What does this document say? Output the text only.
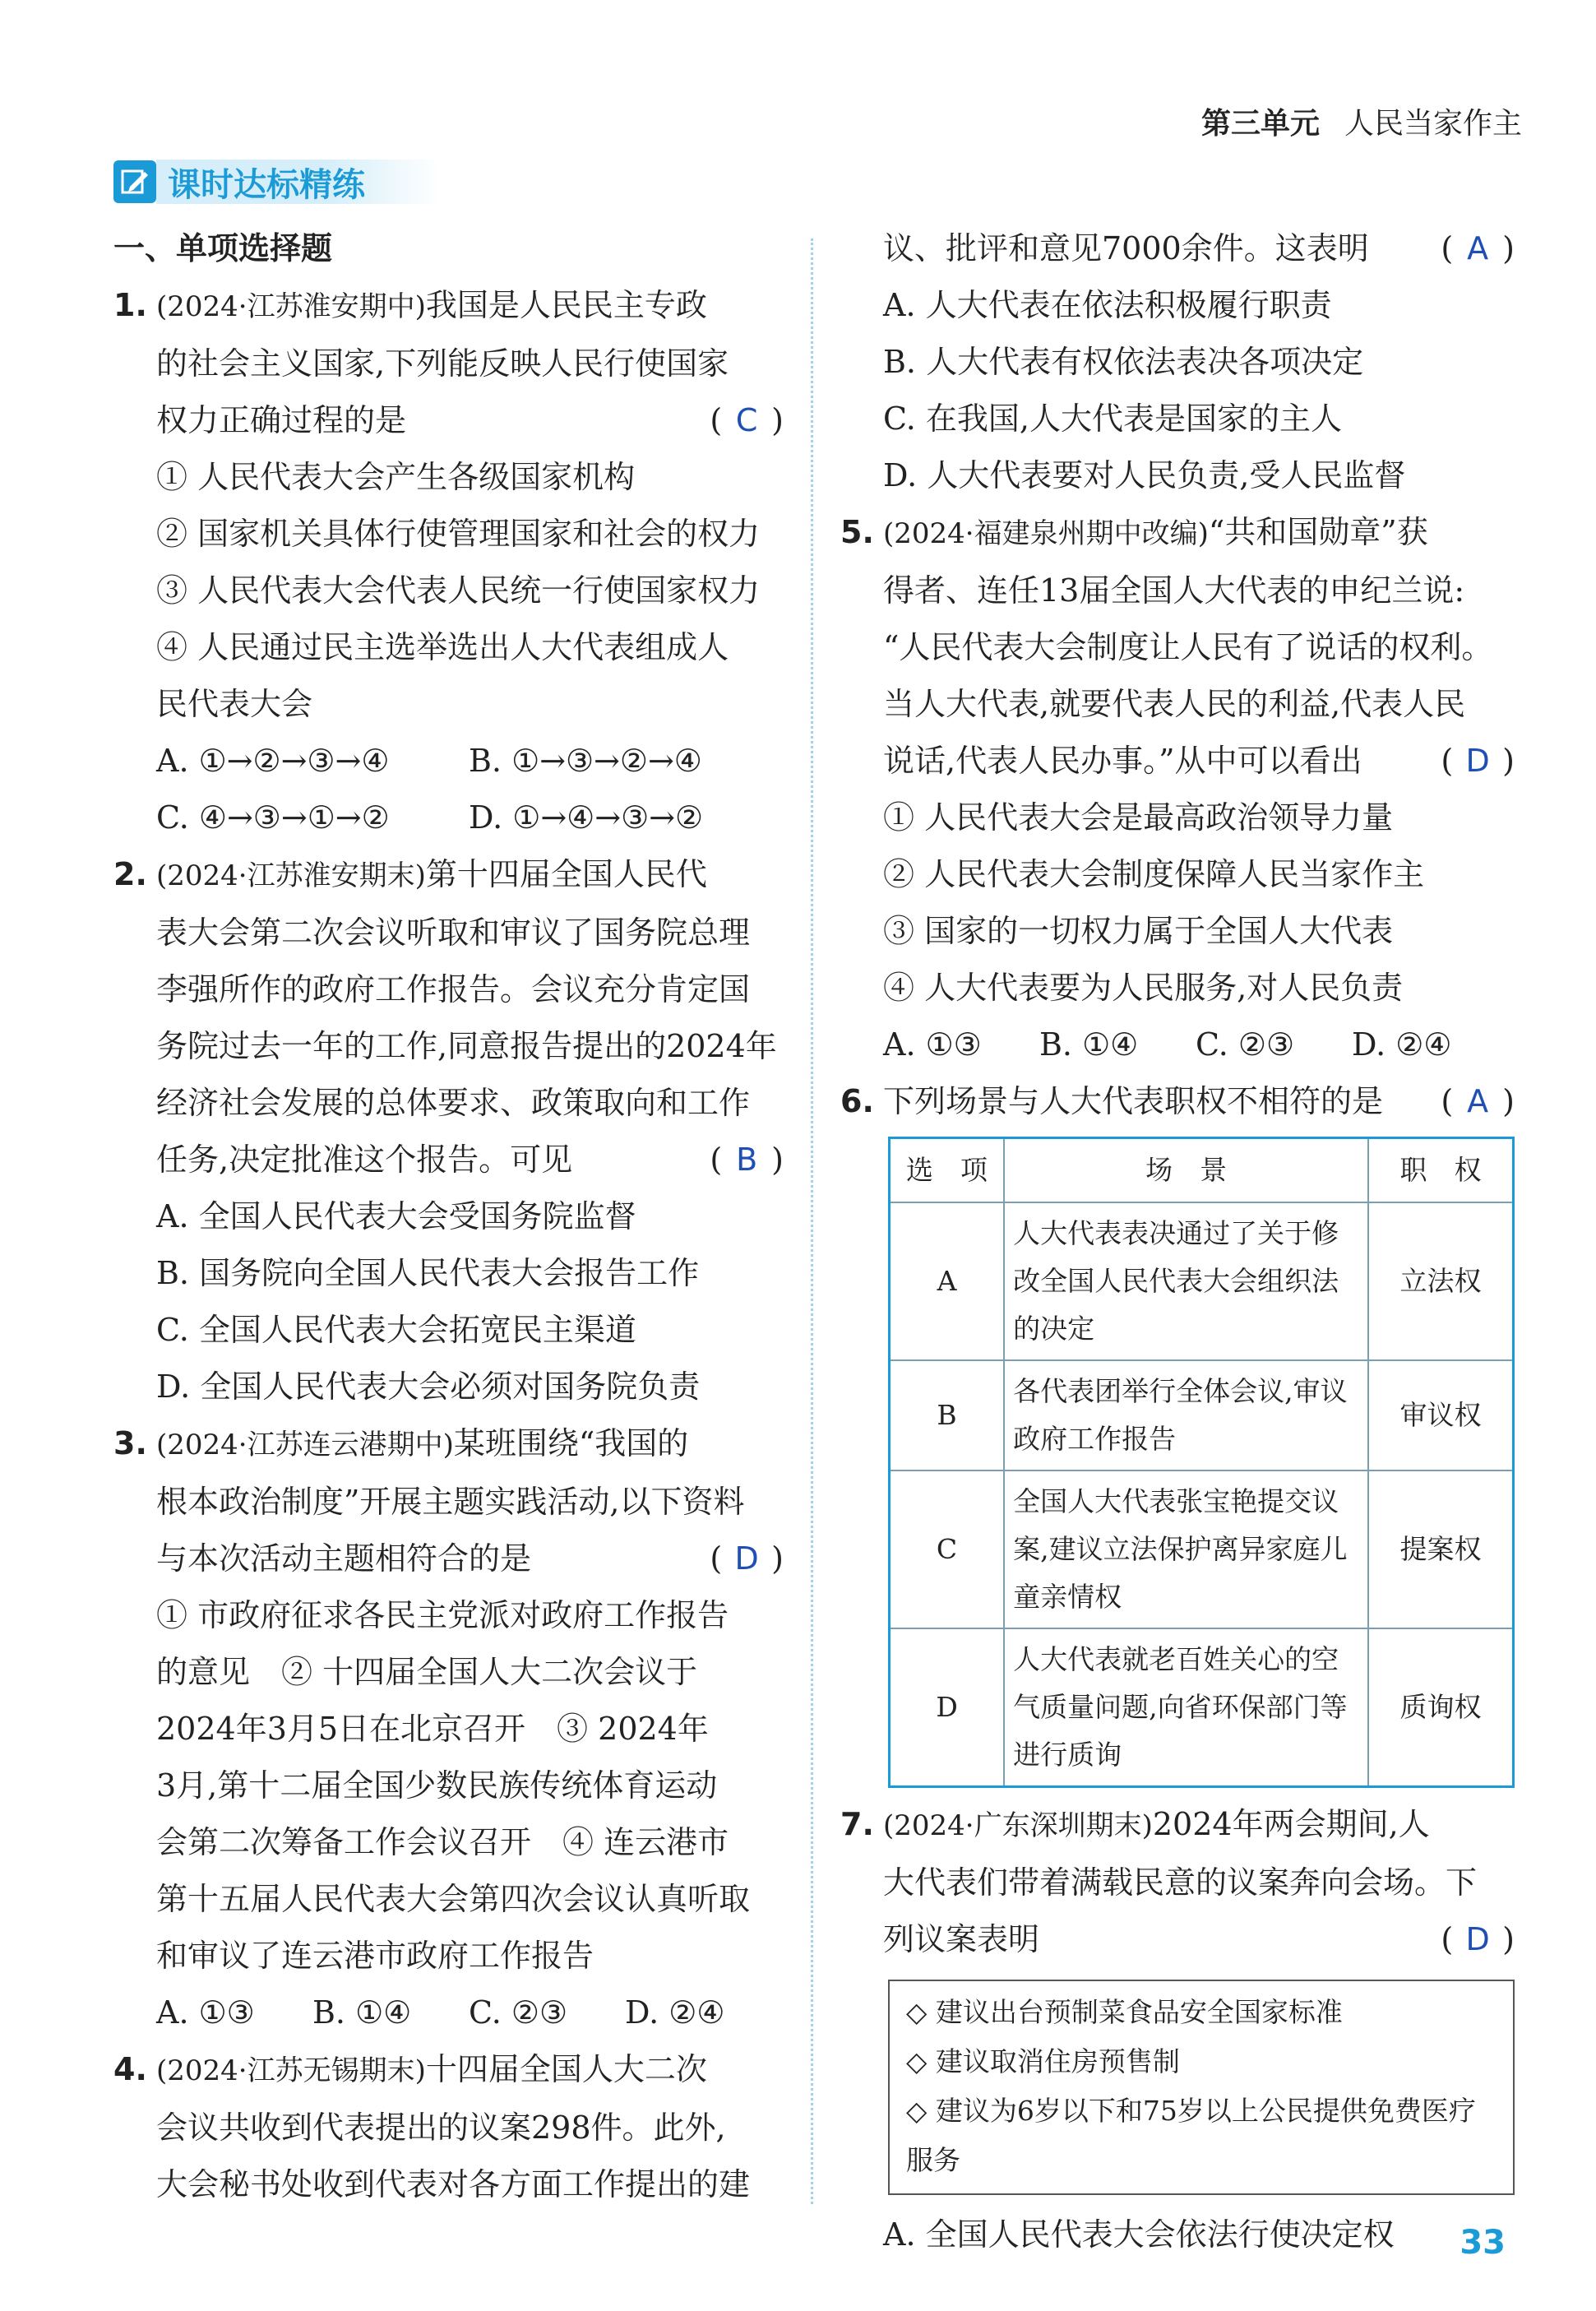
第三单元 人民当家作主
课时达标精练
一、单项选择题
1. (2024·江苏淮安期中)我国是人民民主专政
的社会主义国家,下列能反映人民行使国家
权力正确过程的是	( C )
① 人民代表大会产生各级国家机构
② 国家机关具体行使管理国家和社会的权力
③ 人民代表大会代表人民统一行使国家权力
④ 人民通过民主选举选出人大代表组成人
民代表大会
A. ①→②→③→④	B. ①→③→②→④
C. ④→③→①→②	D. ①→④→③→②
2. (2024·江苏淮安期末)第十四届全国人民代
表大会第二次会议听取和审议了国务院总理
李强所作的政府工作报告。会议充分肯定国
务院过去一年的工作,同意报告提出的2024年
经济社会发展的总体要求、政策取向和工作
任务,决定批准这个报告。可见	( B )
A. 全国人民代表大会受国务院监督
B. 国务院向全国人民代表大会报告工作
C. 全国人民代表大会拓宽民主渠道
D. 全国人民代表大会必须对国务院负责
3. (2024·江苏连云港期中)某班围绕“我国的
根本政治制度”开展主题实践活动,以下资料
与本次活动主题相符合的是	( D )
① 市政府征求各民主党派对政府工作报告
的意见　② 十四届全国人大二次会议于
2024年3月5日在北京召开　③ 2024年
3月,第十二届全国少数民族传统体育运动
会第二次筹备工作会议召开　④ 连云港市
第十五届人民代表大会第四次会议认真听取
和审议了连云港市政府工作报告
A. ①③	B. ①④	C. ②③	D. ②④
4. (2024·江苏无锡期末)十四届全国人大二次
会议共收到代表提出的议案298件。此外,
大会秘书处收到代表对各方面工作提出的建
议、批评和意见7000余件。这表明 ( A )
A. 人大代表在依法积极履行职责
B. 人大代表有权依法表决各项决定
C. 在我国,人大代表是国家的主人
D. 人大代表要对人民负责,受人民监督
5. (2024·福建泉州期中改编)“共和国勋章”获
得者、连任13届全国人大代表的申纪兰说:
“人民代表大会制度让人民有了说话的权利。
当人大代表,就要代表人民的利益,代表人民
说话,代表人民办事。”从中可以看出	( D )
① 人民代表大会是最高政治领导力量
② 人民代表大会制度保障人民当家作主
③ 国家的一切权力属于全国人大代表
④ 人大代表要为人民服务,对人民负责
A. ①③	B. ①④	C. ②③	D. ②④
6. 下列场景与人大代表职权不相符的是 ( A )
选　项	场　景	职　权
A	人大代表表决通过了关于修改全国人民代表大会组织法的决定	立法权
B	各代表团举行全体会议,审议政府工作报告	审议权
C	全国人大代表张宝艳提交议案,建议立法保护离异家庭儿童亲情权	提案权
D	人大代表就老百姓关心的空气质量问题,向省环保部门等进行质询	质询权
7. (2024·广东深圳期末)2024年两会期间,人
大代表们带着满载民意的议案奔向会场。下
列议案表明	( D )
◇ 建议出台预制菜食品安全国家标准
◇ 建议取消住房预售制
◇ 建议为6岁以下和75岁以上公民提供免费医疗服务
A. 全国人民代表大会依法行使决定权	33
